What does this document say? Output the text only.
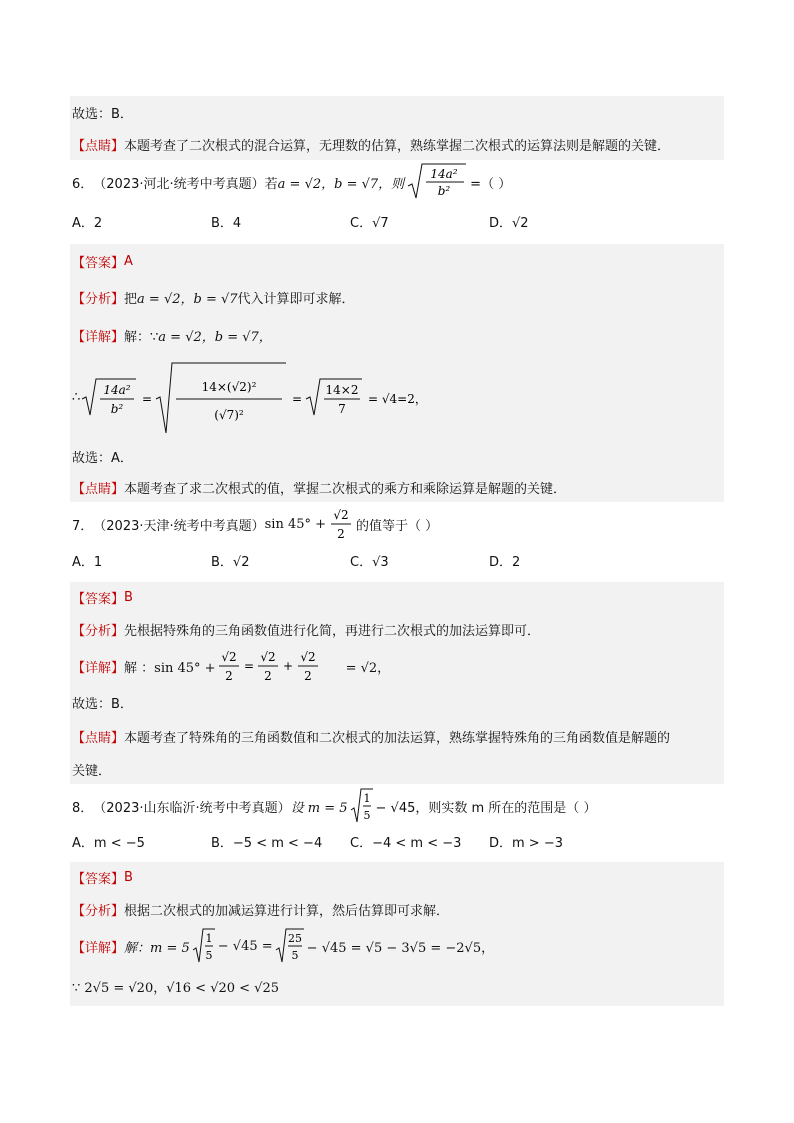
故选：B．
【点睛】 本题考查了二次根式的混合运算，无理数的估算，熟练掌握二次根式的运算法则是解题的关键．
6． （2023·河北·统考中考真题） 若 a = √2， b = √7，则
14a²
b² =（ ）
A．2	B．4	C．√7	D．√2
【答案】 A
【分析】 把 a = √2，b = √7 代入计算即可求解．
【详解】 解：∵ a = √2，b = √7，
∴ 14a²
b²
=
14×(√2)²
(√7)²
=
14×2
7
= √4=2，
故选：A．
【点睛】 本题考查了求二次根式的值，掌握二次根式的乘方和乘除运算是解题的关键．
7． （2023·天津·统考中考真题） sin 45° +
√2
2
的值等于（ ）
A．1	B．√2	C．√3	D．2
【答案】 B
【分析】 先根据特殊角的三角函数值进行化简，再进行二次根式的加法运算即可．
【详解】 解 ：sin 45° +
√2
2
=
√2
2
+
√2
2
= √2，
故选：B．
【点睛】 本题考查了特殊角的三角函数值和二次根式的加法运算，熟练掌握特殊角的三角函数值是解题的
关键．
8． （2023·山东临沂·统考中考真题） 设 m = 5
1
5 − √45，则实数 m 所在的范围是（ ）
A．m < −5	B．−5 < m < −4	C．−4 < m < −3	D．m > −3
【答案】 B
【分析】 根据二次根式的加减运算进行计算，然后估算即可求解．
【详解】 解：m = 5
1
5
− √45 = 25
5 − √45 = √5 − 3√5 = −2√5，
∵ 2√5 = √20，√16 < √20 < √25
